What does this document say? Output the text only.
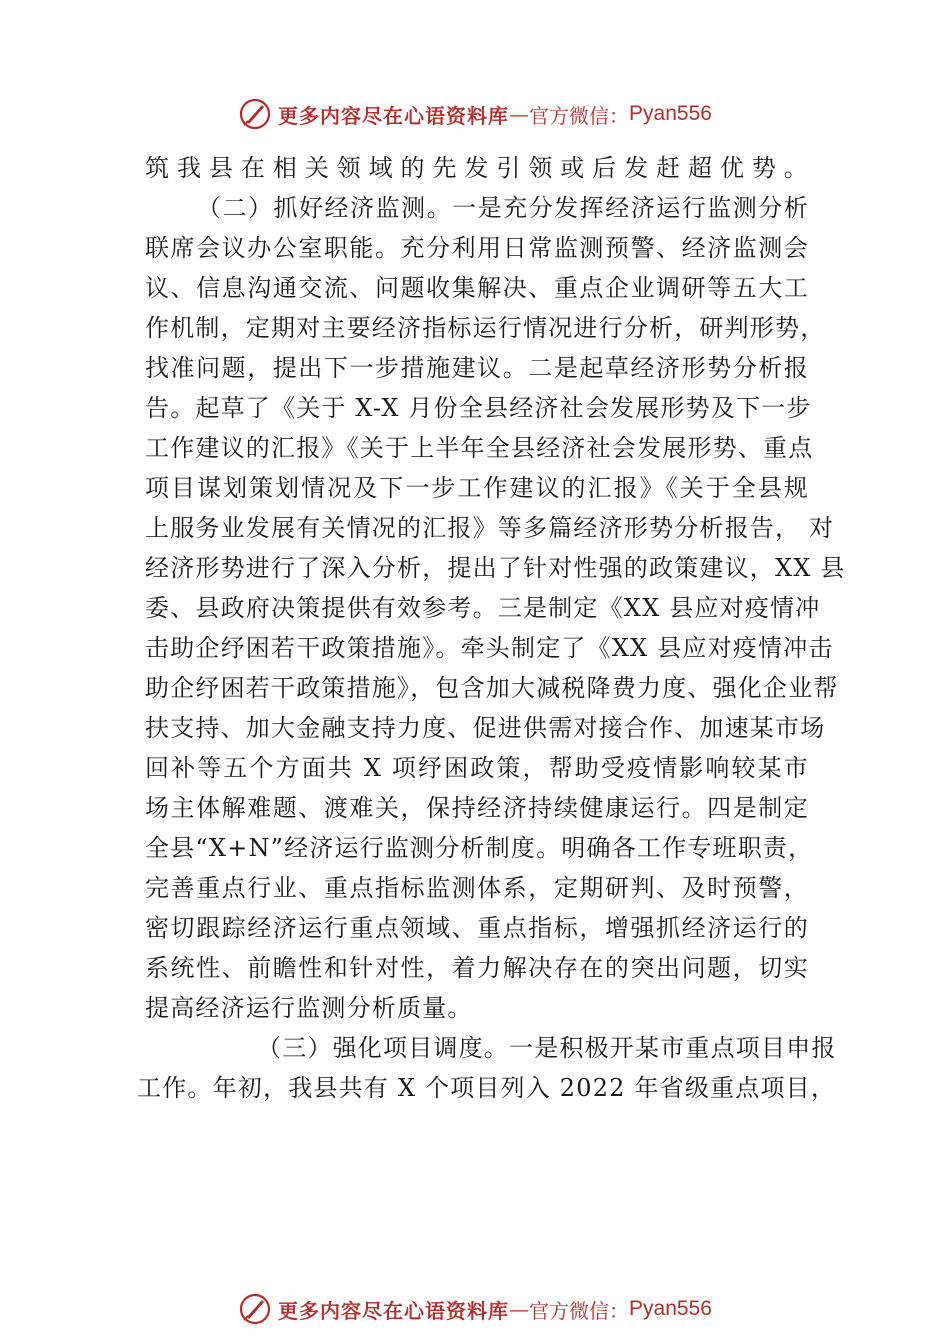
更多内容尽在心语资料库 — 官方微信： Pyan556
筑我县在相关领域的先发引领或后发赶超优势。
（二）抓好经济监测。一是充分发挥经济运行监测分析
联席会议办公室职能。充分利用日常监测预警、经济监测会
议、信息沟通交流、问题收集解决、重点企业调研等五大工
作机制，定期对主要经济指标运行情况进行分析，研判形势，
找准问题，提出下一步措施建议。二是起草经济形势分析报
告。起草了《关于 X-X 月份全县经济社会发展形势及下一步
工作建议的汇报》《关于上半年全县经济社会发展形势、重点
项目谋划策划情况及下一步工作建议的汇报》《关于全县规
上服务业发展有关情况的汇报》等多篇经济形势分析报告， 对
经济形势进行了深入分析，提出了针对性强的政策建议，XX 县
委、县政府决策提供有效参考。三是制定《XX 县应对疫情冲
击助企纾困若干政策措施》。牵头制定了《XX 县应对疫情冲击
助企纾困若干政策措施》，包含加大减税降费力度、强化企业帮
扶支持、加大金融支持力度、促进供需对接合作、加速某市场
回补等五个方面共 X 项纾困政策，帮助受疫情影响较某市
场主体解难题、渡难关，保持经济持续健康运行。四是制定
全县“X+N”经济运行监测分析制度。明确各工作专班职责，
完善重点行业、重点指标监测体系，定期研判、及时预警，
密切跟踪经济运行重点领域、重点指标，增强抓经济运行的
系统性、前瞻性和针对性，着力解决存在的突出问题，切实
提高经济运行监测分析质量。
（三）强化项目调度。一是积极开某市重点项目申报
工作。年初，我县共有 X 个项目列入 2022 年省级重点项目，
更多内容尽在心语资料库 — 官方微信： Pyan556
